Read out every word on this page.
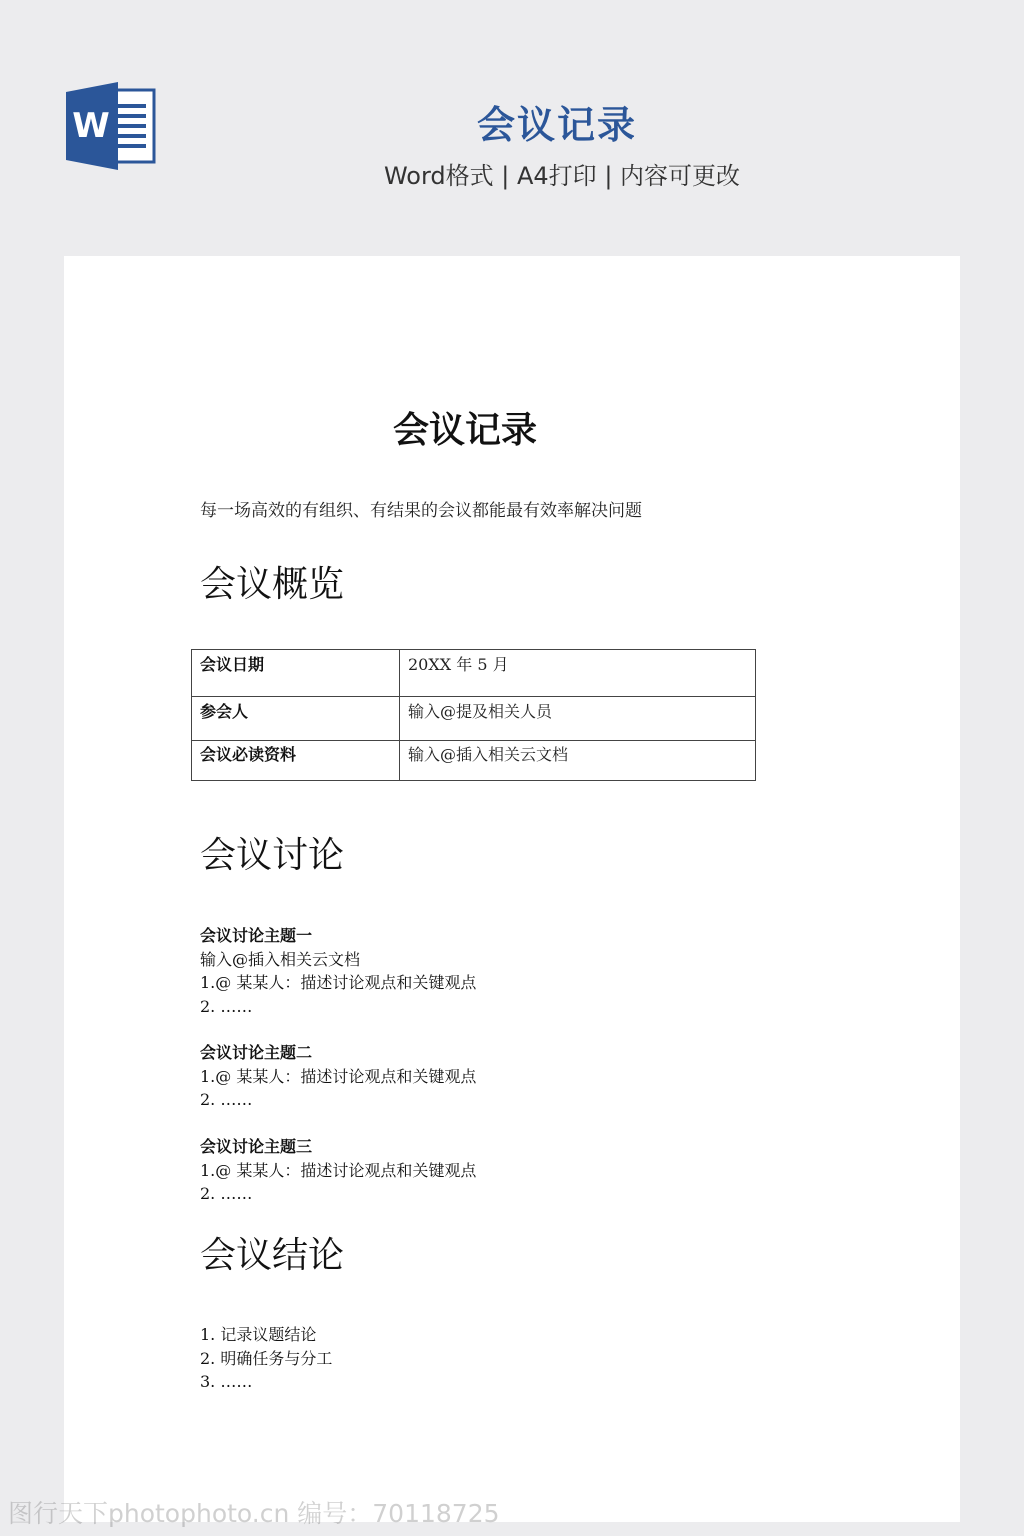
W	会议记录
Word格式 | A4打印 | 内容可更改
会议记录
每一场高效的有组织、有结果的会议都能最有效率解决问题
会议概览
会议日期	20XX 年 5 月
参会人	输入@提及相关人员
会议必读资料	输入@插入相关云文档
会议讨论
会议讨论主题一
输入@插入相关云文档
1.@ 某某人：描述讨论观点和关键观点
2. ……
会议讨论主题二
1.@ 某某人：描述讨论观点和关键观点
2. ……
会议讨论主题三
1.@ 某某人：描述讨论观点和关键观点
2. ……
会议结论
1. 记录议题结论
2. 明确任务与分工
3. ……
图行天下photophoto.cn 编号：70118725
